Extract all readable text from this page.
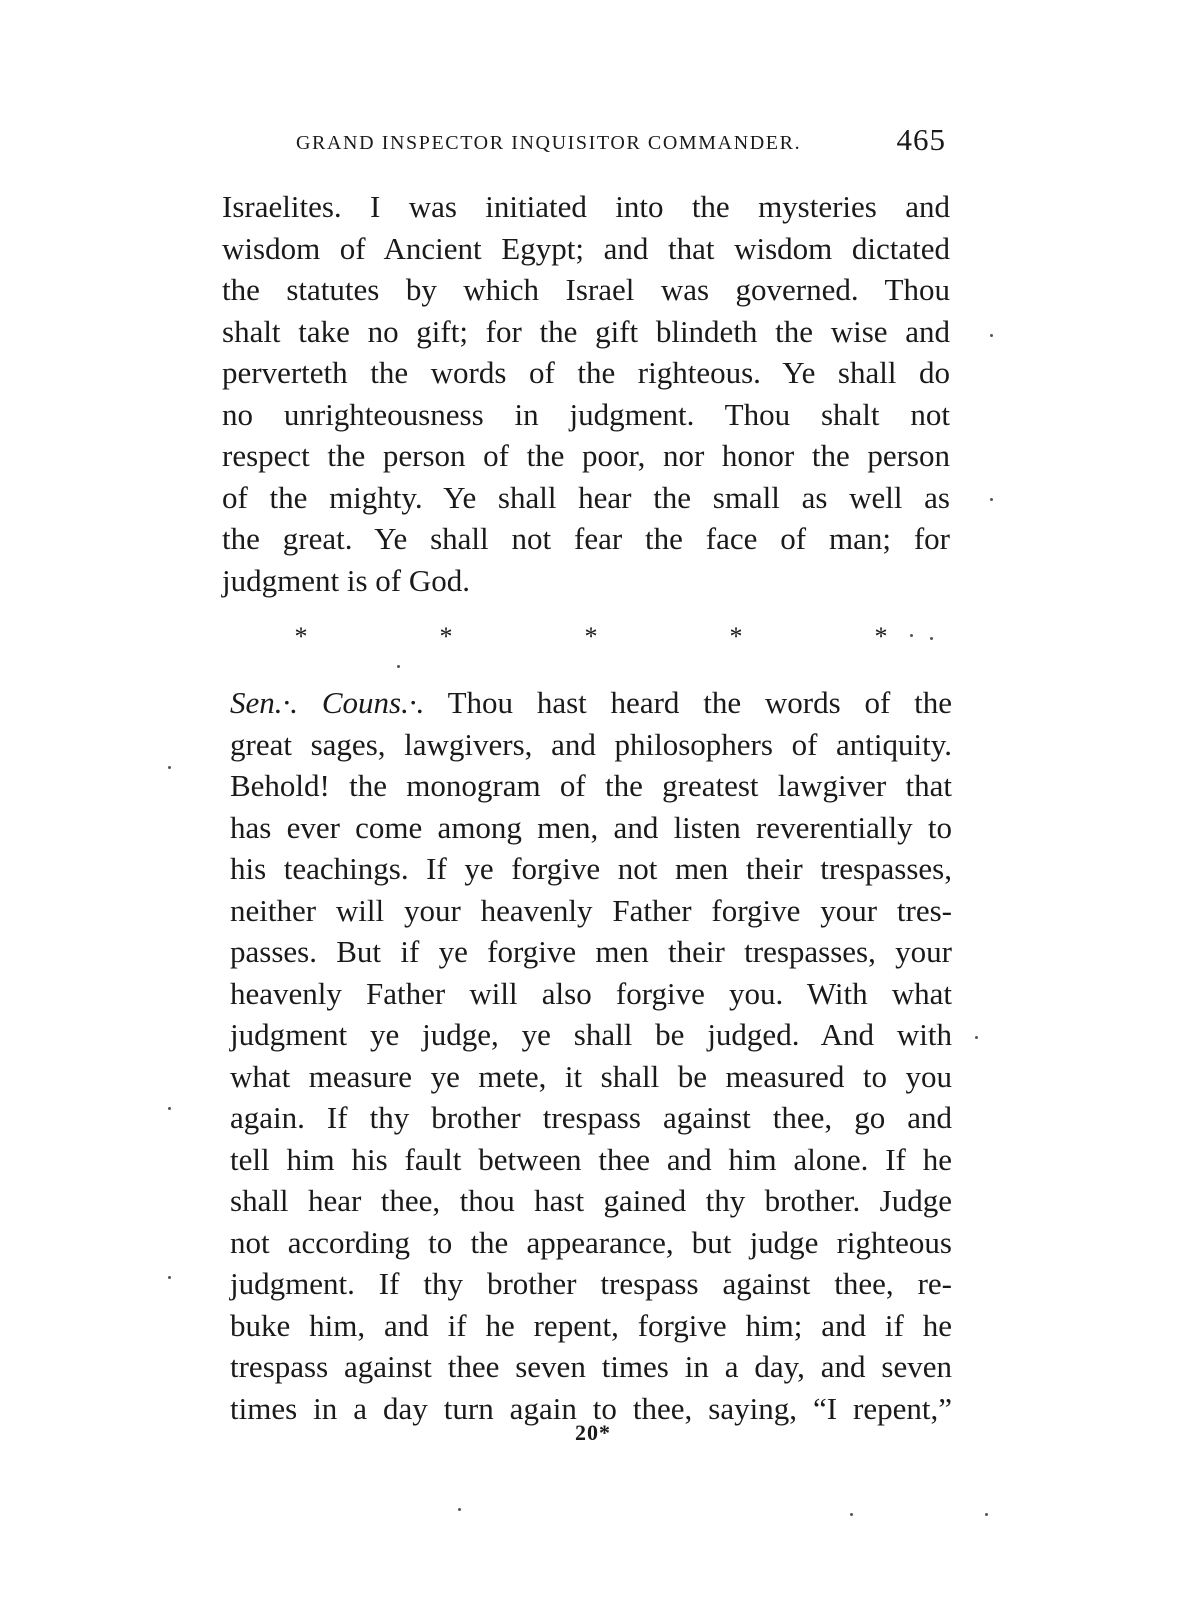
GRAND INSPECTOR INQUISITOR COMMANDER.	465

Israelites. I was initiated into the mysteries and
wisdom of Ancient Egypt; and that wisdom dictated
the statutes by which Israel was governed. Thou
shalt take no gift; for the gift blindeth the wise and
perverteth the words of the righteous. Ye shall do
no unrighteousness in judgment. Thou shalt not
respect the person of the poor, nor honor the person
of the mighty. Ye shall hear the small as well as
the great. Ye shall not fear the face of man; for
judgment is of God.

*	*	*	*	*

Sen.·. Couns.·. Thou hast heard the words of the
great sages, lawgivers, and philosophers of antiquity.
Behold! the monogram of the greatest lawgiver that
has ever come among men, and listen reverentially to
his teachings. If ye forgive not men their trespasses,
neither will your heavenly Father forgive your tres-
passes. But if ye forgive men their trespasses, your
heavenly Father will also forgive you. With what
judgment ye judge, ye shall be judged. And with
what measure ye mete, it shall be measured to you
again. If thy brother trespass against thee, go and
tell him his fault between thee and him alone. If he
shall hear thee, thou hast gained thy brother. Judge
not according to the appearance, but judge righteous
judgment. If thy brother trespass against thee, re-
buke him, and if he repent, forgive him; and if he
trespass against thee seven times in a day, and seven
times in a day turn again to thee, saying, “I repent,”

20*
